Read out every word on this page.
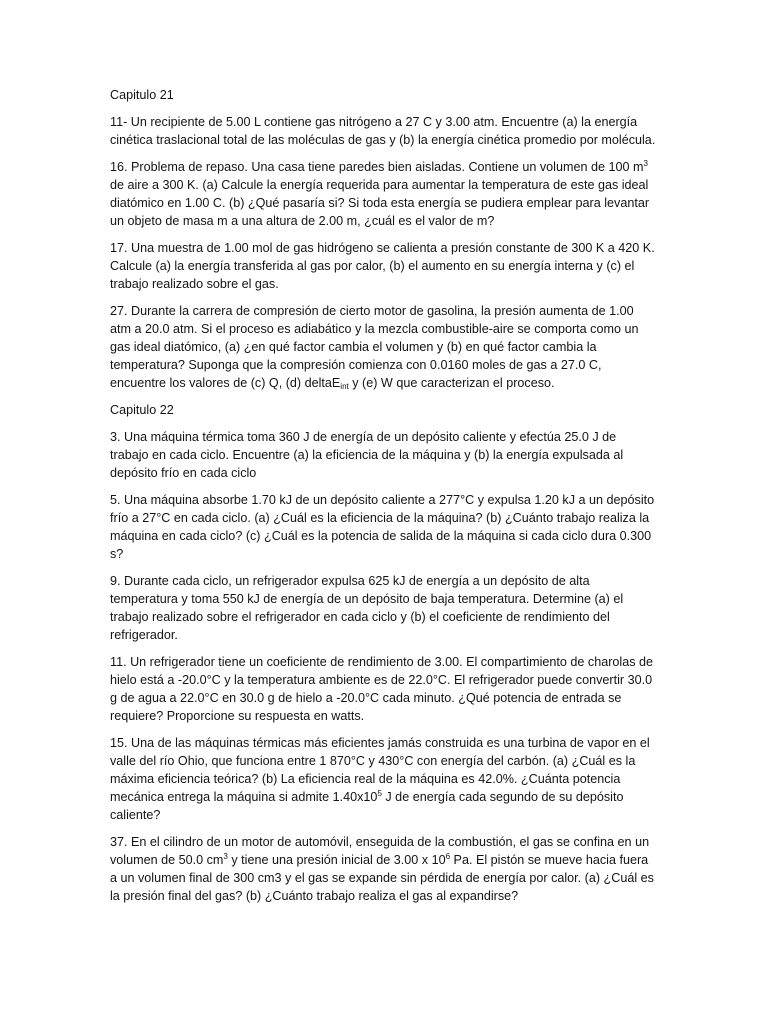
Capitulo 21

11- Un recipiente de 5.00 L contiene gas nitrógeno a 27 C y 3.00 atm. Encuentre (a) la energía cinética traslacional total de las moléculas de gas y (b) la energía cinética promedio por molécula.

16. Problema de repaso. Una casa tiene paredes bien aisladas. Contiene un volumen de 100 $m^3$ de aire a 300 K. (a) Calcule la energía requerida para aumentar la temperatura de este gas ideal diatómico en 1.00 C. (b) ¿Qué pasaría si? Si toda esta energía se pudiera emplear para levantar un objeto de masa m a una altura de 2.00 m, ¿cuál es el valor de m?

17. Una muestra de 1.00 mol de gas hidrógeno se calienta a presión constante de 300 K a 420 K. Calcule (a) la energía transferida al gas por calor, (b) el aumento en su energía interna y (c) el trabajo realizado sobre el gas.

27. Durante la carrera de compresión de cierto motor de gasolina, la presión aumenta de 1.00 atm a 20.0 atm. Si el proceso es adiabático y la mezcla combustible-aire se comporta como un gas ideal diatómico, (a) ¿en qué factor cambia el volumen y (b) en qué factor cambia la temperatura? Suponga que la compresión comienza con 0.0160 moles de gas a 27.0 C, encuentre los valores de (c) Q, (d) deltaE$_{int}$ y (e) W que caracterizan el proceso.

Capitulo 22

3. Una máquina térmica toma 360 J de energía de un depósito caliente y efectúa 25.0 J de trabajo en cada ciclo. Encuentre (a) la eficiencia de la máquina y (b) la energía expulsada al depósito frío en cada ciclo

5. Una máquina absorbe 1.70 kJ de un depósito caliente a 277°C y expulsa 1.20 kJ a un depósito frío a 27°C en cada ciclo. (a) ¿Cuál es la eficiencia de la máquina? (b) ¿Cuánto trabajo realiza la máquina en cada ciclo? (c) ¿Cuál es la potencia de salida de la máquina si cada ciclo dura 0.300 s?

9. Durante cada ciclo, un refrigerador expulsa 625 kJ de energía a un depósito de alta temperatura y toma 550 kJ de energía de un depósito de baja temperatura. Determine (a) el trabajo realizado sobre el refrigerador en cada ciclo y (b) el coeficiente de rendimiento del refrigerador.

11. Un refrigerador tiene un coeficiente de rendimiento de 3.00. El compartimiento de charolas de hielo está a -20.0°C y la temperatura ambiente es de 22.0°C. El refrigerador puede convertir 30.0 g de agua a 22.0°C en 30.0 g de hielo a -20.0°C cada minuto. ¿Qué potencia de entrada se requiere? Proporcione su respuesta en watts.

15. Una de las máquinas térmicas más eficientes jamás construida es una turbina de vapor en el valle del río Ohio, que funciona entre 1 870°C y 430°C con energía del carbón. (a) ¿Cuál es la máxima eficiencia teórica? (b) La eficiencia real de la máquina es 42.0%. ¿Cuánta potencia mecánica entrega la máquina si admite $1.40x10^5$ J de energía cada segundo de su depósito caliente?

37. En el cilindro de un motor de automóvil, enseguida de la combustión, el gas se confina en un volumen de 50.0 $cm^3$ y tiene una presión inicial de 3.00 x $10^6$ Pa. El pistón se mueve hacia fuera a un volumen final de 300 cm3 y el gas se expande sin pérdida de energía por calor. (a) ¿Cuál es la presión final del gas? (b) ¿Cuánto trabajo realiza el gas al expandirse?
